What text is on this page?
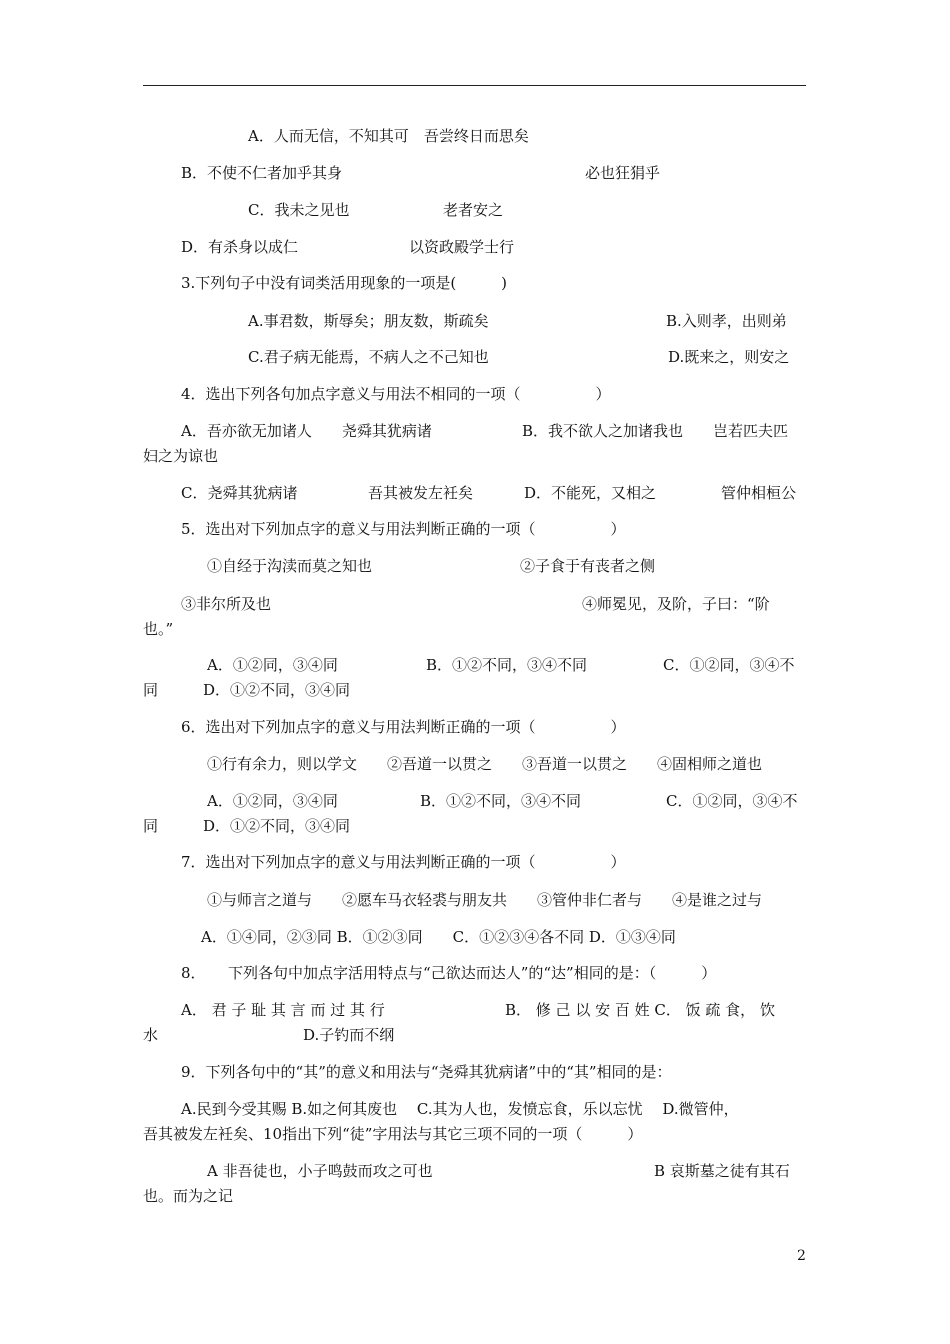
A．人而无信，不知其可　吾尝终日而思矣
B．不使不仁者加乎其身	必也狂狷乎
C．我未之见也	老者安之
D．有杀身以成仁	以资政殿学士行
3.下列句子中没有词类活用现象的一项是(　　　)
A.事君数，斯辱矣；朋友数，斯疏矣	B.入则孝，出则弟
C.君子病无能焉，不病人之不己知也	D.既来之，则安之
4．选出下列各句加点字意义与用法不相同的一项（　　　　　）
A．吾亦欲无加诸人　　尧舜其犹病诸	B．我不欲人之加诸我也　　岂若匹夫匹
妇之为谅也
C．尧舜其犹病诸	吾其被发左衽矣	D．不能死，又相之	管仲相桓公
5．选出对下列加点字的意义与用法判断正确的一项（　　　　　）
①自经于沟渎而莫之知也	②子食于有丧者之侧
③非尔所及也	④师冕见，及阶，子曰：“阶
也。”
A．①②同，③④同	B．①②不同，③④不同	C．①②同，③④不
同　　　D．①②不同，③④同
6．选出对下列加点字的意义与用法判断正确的一项（　　　　　）
①行有余力，则以学文　　②吾道一以贯之　　③吾道一以贯之　　④固相师之道也
A．①②同，③④同	B．①②不同，③④不同	C．①②同，③④不
同　　　D．①②不同，③④同
7．选出对下列加点字的意义与用法判断正确的一项（　　　　　）
①与师言之道与　　②愿车马衣轻裘与朋友共　　③管仲非仁者与　　④是谁之过与
A．①④同，②③同 B．①②③同　　C．①②③④各不同 D．①③④同
8．　　下列各句中加点字活用特点与“己欲达而达人”的“达”相同的是：（　　　）
A． 君 子 耻 其 言 而 过 其 行	B． 修 己 以 安 百 姓 C． 饭 疏 食， 饮
水	D.子钓而不纲
9．下列各句中的“其”的意义和用法与“尧舜其犹病诸”中的“其”相同的是：
A.民到今受其赐 B.如之何其废也　 C.其为人也，发愤忘食，乐以忘忧　 D.微管仲，
吾其被发左衽矣、10指出下列“徒”字用法与其它三项不同的一项（　　　）
A 非吾徒也，小子鸣鼓而攻之可也	B 哀斯墓之徒有其石
也。而为之记
2
